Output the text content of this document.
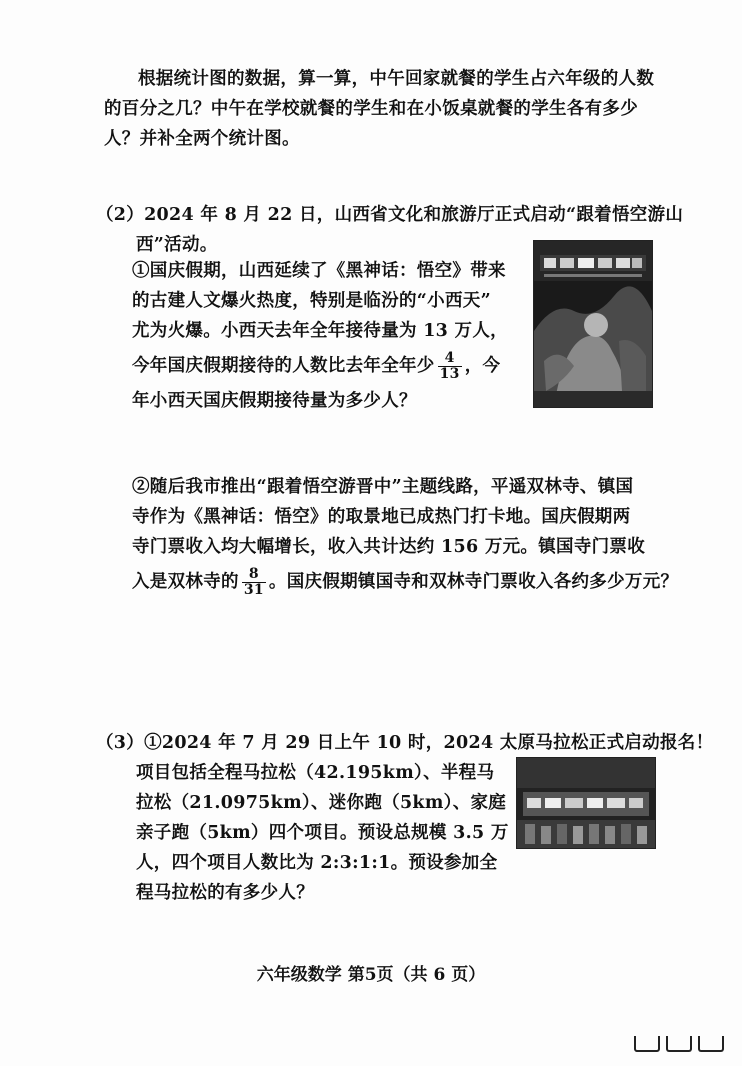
根据统计图的数据，算一算，中午回家就餐的学生占六年级的人数
的百分之几？中午在学校就餐的学生和在小饭桌就餐的学生各有多少
人？并补全两个统计图。
（2）2024 年 8 月 22 日，山西省文化和旅游厅正式启动“跟着悟空游山
西”活动。
①国庆假期，山西延续了《黑神话：悟空》带来
的古建人文爆火热度，特别是临汾的“小西天”
尤为火爆。小西天去年全年接待量为 13 万人，
今年国庆假期接待的人数比去年全年少 $\frac{4}{13}$ ，今
年小西天国庆假期接待量为多少人？
②随后我市推出“跟着悟空游晋中”主题线路，平遥双林寺、镇国
寺作为《黑神话：悟空》的取景地已成热门打卡地。国庆假期两
寺门票收入均大幅增长，收入共计达约 156 万元。镇国寺门票收
入是双林寺的 $\frac{8}{31}$ 。国庆假期镇国寺和双林寺门票收入各约多少万元？
（3）①2024 年 7 月 29 日上午 10 时，2024 太原马拉松正式启动报名！
项目包括全程马拉松（42.195km）、半程马
拉松（21.0975km）、迷你跑（5km）、家庭
亲子跑（5km）四个项目。预设总规模 3.5 万
人，四个项目人数比为 2:3:1:1。预设参加全
程马拉松的有多少人？
六年级数学 第5页（共 6 页）
